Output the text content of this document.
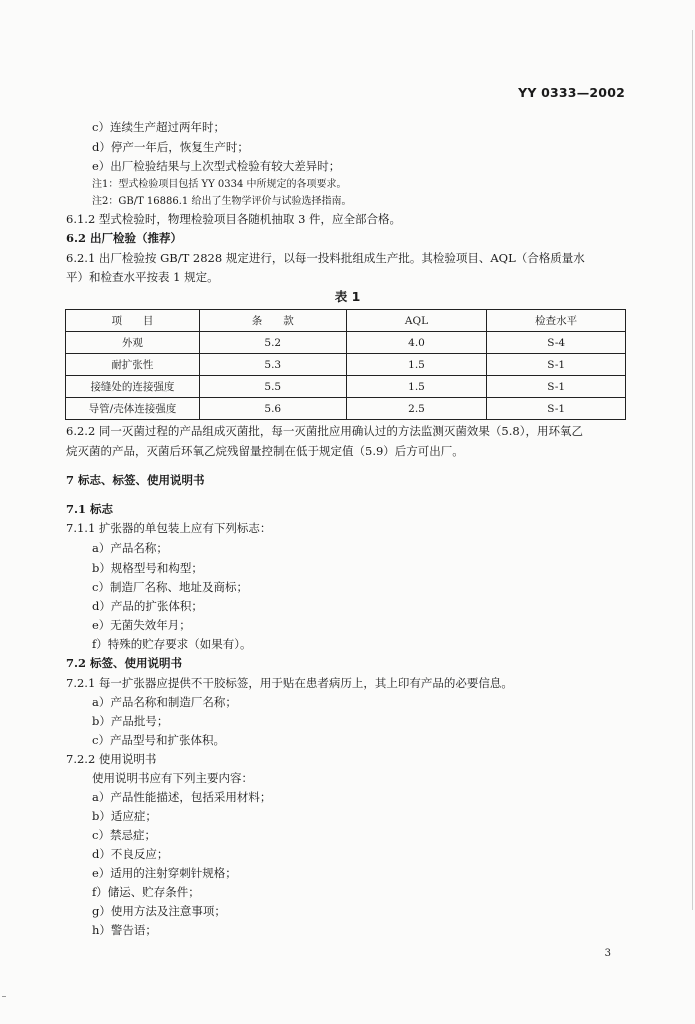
YY 0333—2002
c）连续生产超过两年时；
d）停产一年后，恢复生产时；
e）出厂检验结果与上次型式检验有较大差异时；
注1：型式检验项目包括 YY 0334 中所规定的各项要求。
注2：GB/T 16886.1 给出了生物学评价与试验选择指南。
6.1.2 型式检验时，物理检验项目各随机抽取 3 件，应全部合格。
6.2 出厂检验（推荐）
6.2.1 出厂检验按 GB/T 2828 规定进行，以每一投料批组成生产批。其检验项目、AQL（合格质量水
平）和检查水平按表 1 规定。
表 1
项　　目	条　　款	AQL	检查水平
外观	5.2	4.0	S-4
耐扩张性	5.3	1.5	S-1
接缝处的连接强度	5.5	1.5	S-1
导管/壳体连接强度	5.6	2.5	S-1
6.2.2 同一灭菌过程的产品组成灭菌批，每一灭菌批应用确认过的方法监测灭菌效果（5.8），用环氧乙
烷灭菌的产品，灭菌后环氧乙烷残留量控制在低于规定值（5.9）后方可出厂。
7 标志、标签、使用说明书
7.1 标志
7.1.1 扩张器的单包装上应有下列标志：
a）产品名称；
b）规格型号和构型；
c）制造厂名称、地址及商标；
d）产品的扩张体积；
e）无菌失效年月；
f）特殊的贮存要求（如果有）。
7.2 标签、使用说明书
7.2.1 每一扩张器应提供不干胶标签，用于贴在患者病历上，其上印有产品的必要信息。
a）产品名称和制造厂名称；
b）产品批号；
c）产品型号和扩张体积。
7.2.2 使用说明书
使用说明书应有下列主要内容：
a）产品性能描述，包括采用材料；
b）适应症；
c）禁忌症；
d）不良反应；
e）适用的注射穿刺针规格；
f）储运、贮存条件；
g）使用方法及注意事项；
h）警告语；
3
